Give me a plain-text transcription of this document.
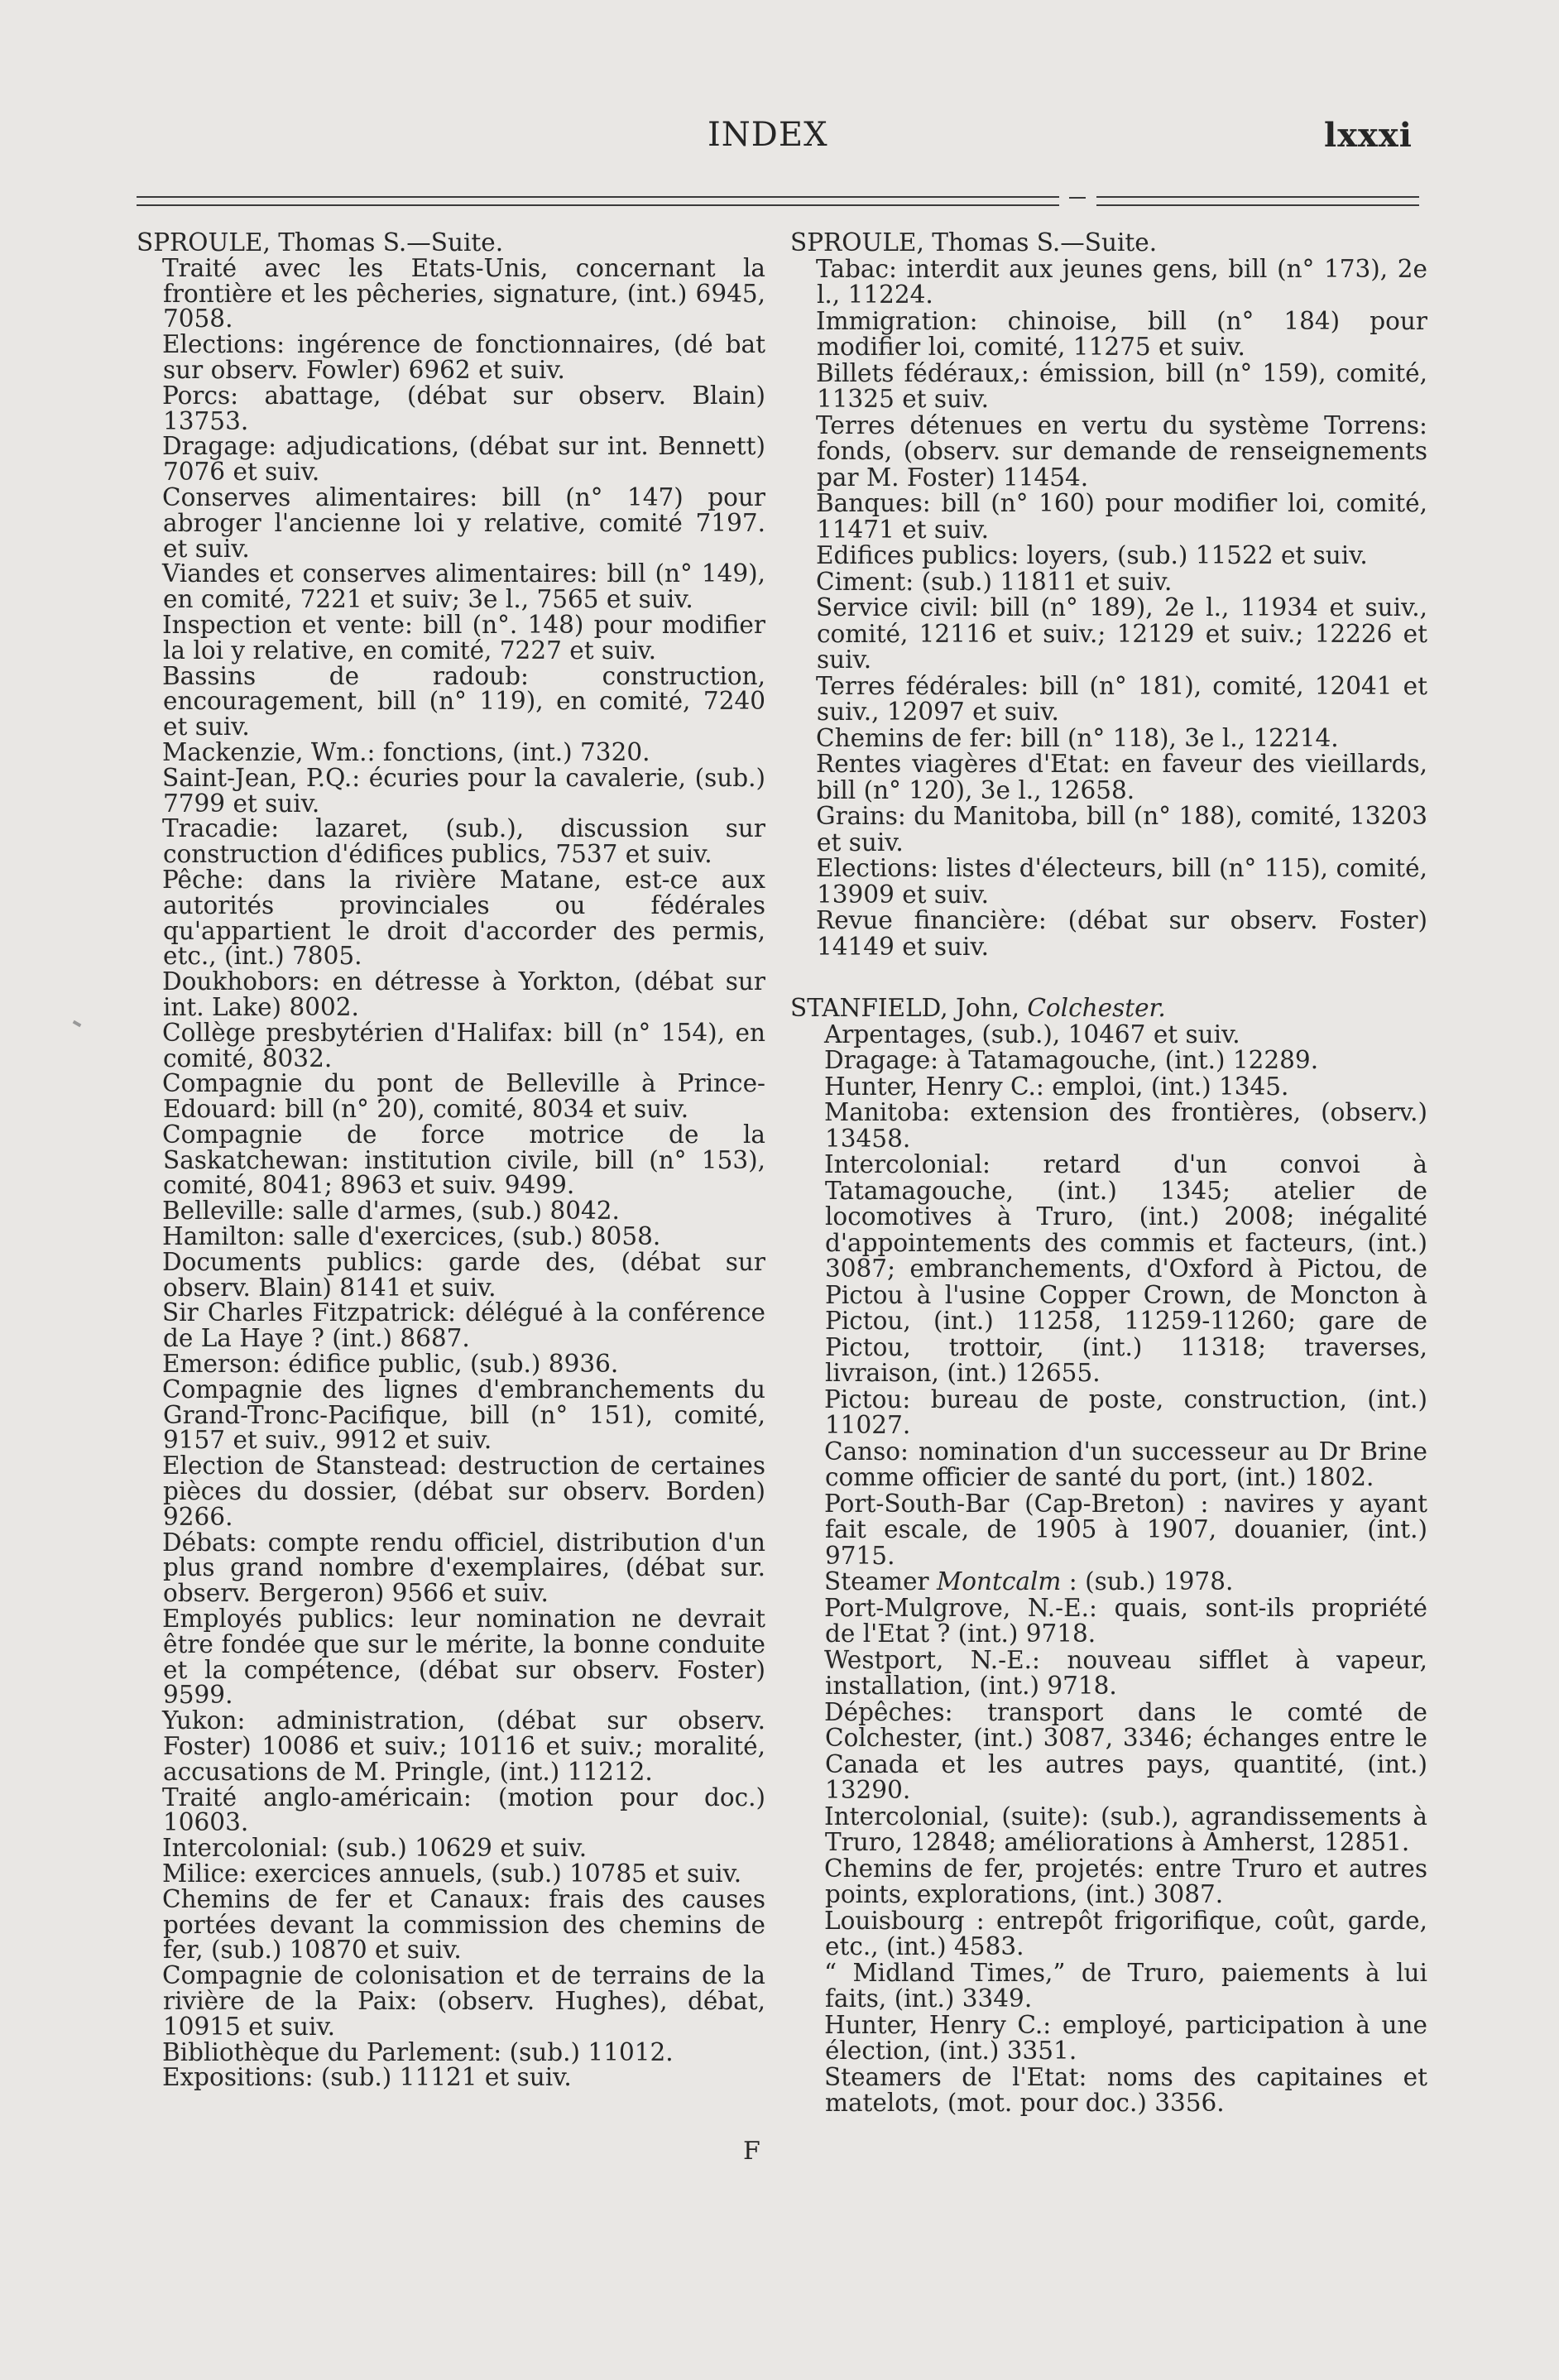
INDEX	lxxxi

SPROULE, Thomas S.—Suite.

Traité avec les Etats-Unis, concernant la frontière et les pêcheries, signature, (int.) 6945, 7058.

Elections: ingérence de fonctionnaires, (dé bat sur observ. Fowler) 6962 et suiv.

Porcs: abattage, (débat sur observ. Blain) 13753.

Dragage: adjudications, (débat sur int. Bennett) 7076 et suiv.

Conserves alimentaires: bill (n° 147) pour abroger l'ancienne loi y relative, comité 7197. et suiv.

Viandes et conserves alimentaires: bill (n° 149), en comité, 7221 et suiv; 3e l., 7565 et suiv.

Inspection et vente: bill (n°. 148) pour modifier la loi y relative, en comité, 7227 et suiv.

Bassins de radoub: construction, encouragement, bill (n° 119), en comité, 7240 et suiv.

Mackenzie, Wm.: fonctions, (int.) 7320.

Saint-Jean, P.Q.: écuries pour la cavalerie, (sub.) 7799 et suiv.

Tracadie: lazaret, (sub.), discussion sur construction d'édifices publics, 7537 et suiv.

Pêche: dans la rivière Matane, est-ce aux autorités provinciales ou fédérales qu'appartient le droit d'accorder des permis, etc., (int.) 7805.

Doukhobors: en détresse à Yorkton, (débat sur int. Lake) 8002.

Collège presbytérien d'Halifax: bill (n° 154), en comité, 8032.

Compagnie du pont de Belleville à Prince-Edouard: bill (n° 20), comité, 8034 et suiv.

Compagnie de force motrice de la Saskatchewan: institution civile, bill (n° 153), comité, 8041; 8963 et suiv. 9499.

Belleville: salle d'armes, (sub.) 8042.

Hamilton: salle d'exercices, (sub.) 8058.

Documents publics: garde des, (débat sur observ. Blain) 8141 et suiv.

Sir Charles Fitzpatrick: délégué à la conférence de La Haye ? (int.) 8687.

Emerson: édifice public, (sub.) 8936.

Compagnie des lignes d'embranchements du Grand-Tronc-Pacifique, bill (n° 151), comité, 9157 et suiv., 9912 et suiv.

Election de Stanstead: destruction de certaines pièces du dossier, (débat sur observ. Borden) 9266.

Débats: compte rendu officiel, distribution d'un plus grand nombre d'exemplaires, (débat sur. observ. Bergeron) 9566 et suiv.

Employés publics: leur nomination ne devrait être fondée que sur le mérite, la bonne conduite et la compétence, (débat sur observ. Foster) 9599.

Yukon: administration, (débat sur observ. Foster) 10086 et suiv.; 10116 et suiv.; moralité, accusations de M. Pringle, (int.) 11212.

Traité anglo-américain: (motion pour doc.) 10603.

Intercolonial: (sub.) 10629 et suiv.

Milice: exercices annuels, (sub.) 10785 et suiv.

Chemins de fer et Canaux: frais des causes portées devant la commission des chemins de fer, (sub.) 10870 et suiv.

Compagnie de colonisation et de terrains de la rivière de la Paix: (observ. Hughes), débat, 10915 et suiv.

Bibliothèque du Parlement: (sub.) 11012.

Expositions: (sub.) 11121 et suiv.

SPROULE, Thomas S.—Suite.

Tabac: interdit aux jeunes gens, bill (n° 173), 2e l., 11224.

Immigration: chinoise, bill (n° 184) pour modifier loi, comité, 11275 et suiv.

Billets fédéraux,: émission, bill (n° 159), comité, 11325 et suiv.

Terres détenues en vertu du système Torrens: fonds, (observ. sur demande de renseignements par M. Foster) 11454.

Banques: bill (n° 160) pour modifier loi, comité, 11471 et suiv.

Edifices publics: loyers, (sub.) 11522 et suiv.

Ciment: (sub.) 11811 et suiv.

Service civil: bill (n° 189), 2e l., 11934 et suiv., comité, 12116 et suiv.; 12129 et suiv.; 12226 et suiv.

Terres fédérales: bill (n° 181), comité, 12041 et suiv., 12097 et suiv.

Chemins de fer: bill (n° 118), 3e l., 12214.

Rentes viagères d'Etat: en faveur des vieillards, bill (n° 120), 3e l., 12658.

Grains: du Manitoba, bill (n° 188), comité, 13203 et suiv.

Elections: listes d'électeurs, bill (n° 115), comité, 13909 et suiv.

Revue financière: (débat sur observ. Foster) 14149 et suiv.

STANFIELD, John, Colchester.

Arpentages, (sub.), 10467 et suiv.

Dragage: à Tatamagouche, (int.) 12289.

Hunter, Henry C.: emploi, (int.) 1345.

Manitoba: extension des frontières, (observ.) 13458.

Intercolonial: retard d'un convoi à Tatamagouche, (int.) 1345; atelier de locomotives à Truro, (int.) 2008; inégalité d'appointements des commis et facteurs, (int.) 3087; embranchements, d'Oxford à Pictou, de Pictou à l'usine Copper Crown, de Moncton à Pictou, (int.) 11258, 11259-11260; gare de Pictou, trottoir, (int.) 11318; traverses, livraison, (int.) 12655.

Pictou: bureau de poste, construction, (int.) 11027.

Canso: nomination d'un successeur au Dr Brine comme officier de santé du port, (int.) 1802.

Port-South-Bar (Cap-Breton) : navires y ayant fait escale, de 1905 à 1907, douanier, (int.) 9715.

Steamer Montcalm : (sub.) 1978.

Port-Mulgrove, N.-E.: quais, sont-ils propriété de l'Etat ? (int.) 9718.

Westport, N.-E.: nouveau sifflet à vapeur, installation, (int.) 9718.

Dépêches: transport dans le comté de Colchester, (int.) 3087, 3346; échanges entre le Canada et les autres pays, quantité, (int.) 13290.

Intercolonial, (suite): (sub.), agrandissements à Truro, 12848; améliorations à Amherst, 12851.

Chemins de fer, projetés: entre Truro et autres points, explorations, (int.) 3087.

Louisbourg : entrepôt frigorifique, coût, garde, etc., (int.) 4583.

“ Midland Times,” de Truro, paiements à lui faits, (int.) 3349.

Hunter, Henry C.: employé, participation à une élection, (int.) 3351.

Steamers de l'Etat: noms des capitaines et matelots, (mot. pour doc.) 3356.

F
